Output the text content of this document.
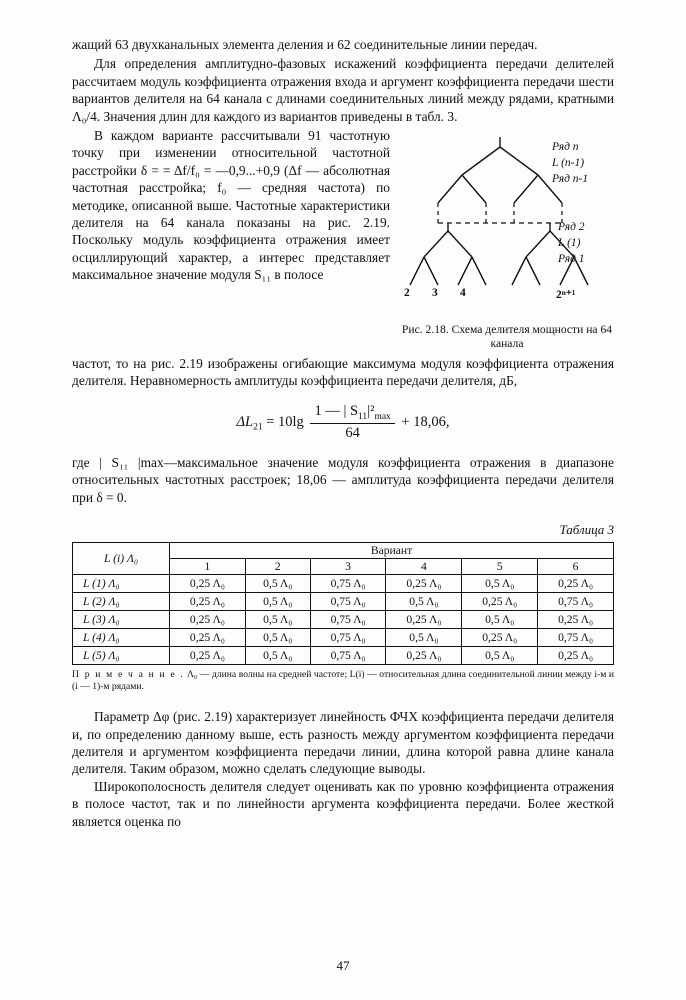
жащий 63 двухканальных элемента деления и 62 соединительные линии передач.

Для определения амплитудно-фазовых искажений коэффициента передачи делителей рассчитаем модуль коэффициента отражения входа и аргумент коэффициента передачи шести вариантов делителя на 64 канала с длинами соединительных линий между рядами, кратными Λ₀/4. Значения длин для каждого из вариантов приведены в табл. 3.

Ряд n
L (n-1)
Ряд n-1
Ряд 2
L (1)
Ряд 1
2 3 4	2ⁿ⁺¹
Рис. 2.18. Схема делителя мощности на 64 канала

В каждом варианте рассчитывали 91 частотную точку при изменении относительной частотной расстройки δ = = Δf/f₀ = —0,9...+0,9 (Δf — абсолютная частотная расстройка; f₀ — средняя частота) по методике, описанной выше. Частотные характеристики делителя на 64 канала показаны на рис. 2.19. Поскольку модуль коэффициента отражения имеет осциллирующий характер, а интерес представляет максимальное значение модуля S₁₁ в полосе

частот, то на рис. 2.19 изображены огибающие максимума модуля коэффициента отражения делителя. Неравномерность амплитуды коэффициента передачи делителя, дБ,

$\Delta L_{21} = 10\lg \frac{1 — | S_{11}|^2_{max}}{64} + 18,06$,

где | S₁₁ |max—максимальное значение модуля коэффициента отражения в диапазоне относительных частотных расстроек; 18,06 — амплитуда коэффициента передачи делителя при δ = 0.

Таблица 3
L (i) Λ₀	Вариант					
	1	2	3	4	5	6
L (1) Λ₀	0,25 Λ₀	0,5 Λ₀	0,75 Λ₀	0,25 Λ₀	0,5 Λ₀	0,25 Λ₀
L (2) Λ₀	0,25 Λ₀	0,5 Λ₀	0,75 Λ₀	0,5 Λ₀	0,25 Λ₀	0,75 Λ₀
L (3) Λ₀	0,25 Λ₀	0,5 Λ₀	0,75 Λ₀	0,25 Λ₀	0,5 Λ₀	0,25 Λ₀
L (4) Λ₀	0,25 Λ₀	0,5 Λ₀	0,75 Λ₀	0,5 Λ₀	0,25 Λ₀	0,75 Λ₀
L (5) Λ₀	0,25 Λ₀	0,5 Λ₀	0,75 Λ₀	0,25 Λ₀	0,5 Λ₀	0,25 Λ₀
П р и м е ч а н и е . Λ₀ — длина волны на средней частоте; L(i) — относительная длина соединительной линии между i-м и (i — 1)-м рядами.

Параметр Δφ (рис. 2.19) характеризует линейность ФЧХ коэффициента передачи делителя и, по определению данному выше, есть разность между аргументом коэффициента передачи делителя и аргументом коэффициента передачи линии, длина которой равна длине канала делителя. Таким образом, можно сделать следующие выводы.

Широкополосность делителя следует оценивать как по уровню коэффициента отражения в полосе частот, так и по линейности аргумента коэффициента передачи. Более жесткой является оценка по

47
